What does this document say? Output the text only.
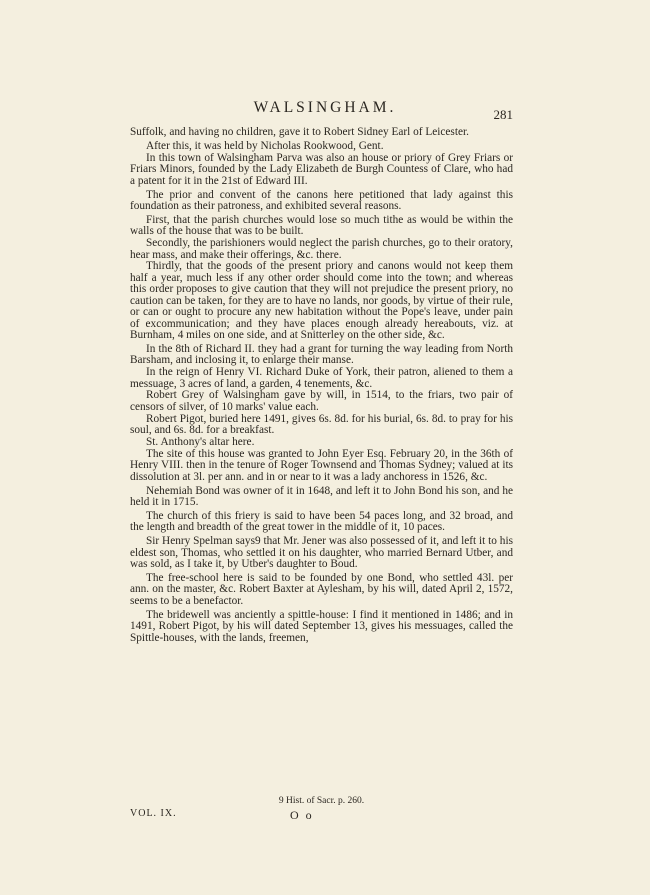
WALSINGHAM.	281

Suffolk, and having no children, gave it to Robert Sidney Earl of Leicester.

After this, it was held by Nicholas Rookwood, Gent.

In this town of Walsingham Parva was also an house or priory of Grey Friars or Friars Minors, founded by the Lady Elizabeth de Burgh Countess of Clare, who had a patent for it in the 21st of Edward III.

The prior and convent of the canons here petitioned that lady against this foundation as their patroness, and exhibited several reasons.

First, that the parish churches would lose so much tithe as would be within the walls of the house that was to be built.

Secondly, the parishioners would neglect the parish churches, go to their oratory, hear mass, and make their offerings, &c. there.

Thirdly, that the goods of the present priory and canons would not keep them half a year, much less if any other order should come into the town; and whereas this order proposes to give caution that they will not prejudice the present priory, no caution can be taken, for they are to have no lands, nor goods, by virtue of their rule, or can or ought to procure any new habitation without the Pope's leave, under pain of excommunication; and they have places enough already hereabouts, viz. at Burnham, 4 miles on one side, and at Snitterley on the other side, &c.

In the 8th of Richard II. they had a grant for turning the way leading from North Barsham, and inclosing it, to enlarge their manse.

In the reign of Henry VI. Richard Duke of York, their patron, aliened to them a messuage, 3 acres of land, a garden, 4 tenements, &c.

Robert Grey of Walsingham gave by will, in 1514, to the friars, two pair of censors of silver, of 10 marks' value each.

Robert Pigot, buried here 1491, gives 6s. 8d. for his burial, 6s. 8d. to pray for his soul, and 6s. 8d. for a breakfast.

St. Anthony's altar here.

The site of this house was granted to John Eyer Esq. February 20, in the 36th of Henry VIII. then in the tenure of Roger Townsend and Thomas Sydney; valued at its dissolution at 3l. per ann. and in or near to it was a lady anchoress in 1526, &c.

Nehemiah Bond was owner of it in 1648, and left it to John Bond his son, and he held it in 1715.

The church of this friery is said to have been 54 paces long, and 32 broad, and the length and breadth of the great tower in the middle of it, 10 paces.

Sir Henry Spelman says9 that Mr. Jener was also possessed of it, and left it to his eldest son, Thomas, who settled it on his daughter, who married Bernard Utber, and was sold, as I take it, by Utber's daughter to Boud.

The free-school here is said to be founded by one Bond, who settled 43l. per ann. on the master, &c. Robert Baxter at Aylesham, by his will, dated April 2, 1572, seems to be a benefactor.

The bridewell was anciently a spittle-house: I find it mentioned in 1486; and in 1491, Robert Pigot, by his will dated September 13, gives his messuages, called the Spittle-houses, with the lands, freemen,

9 Hist. of Sacr. p. 260.
VOL. IX.	O o
